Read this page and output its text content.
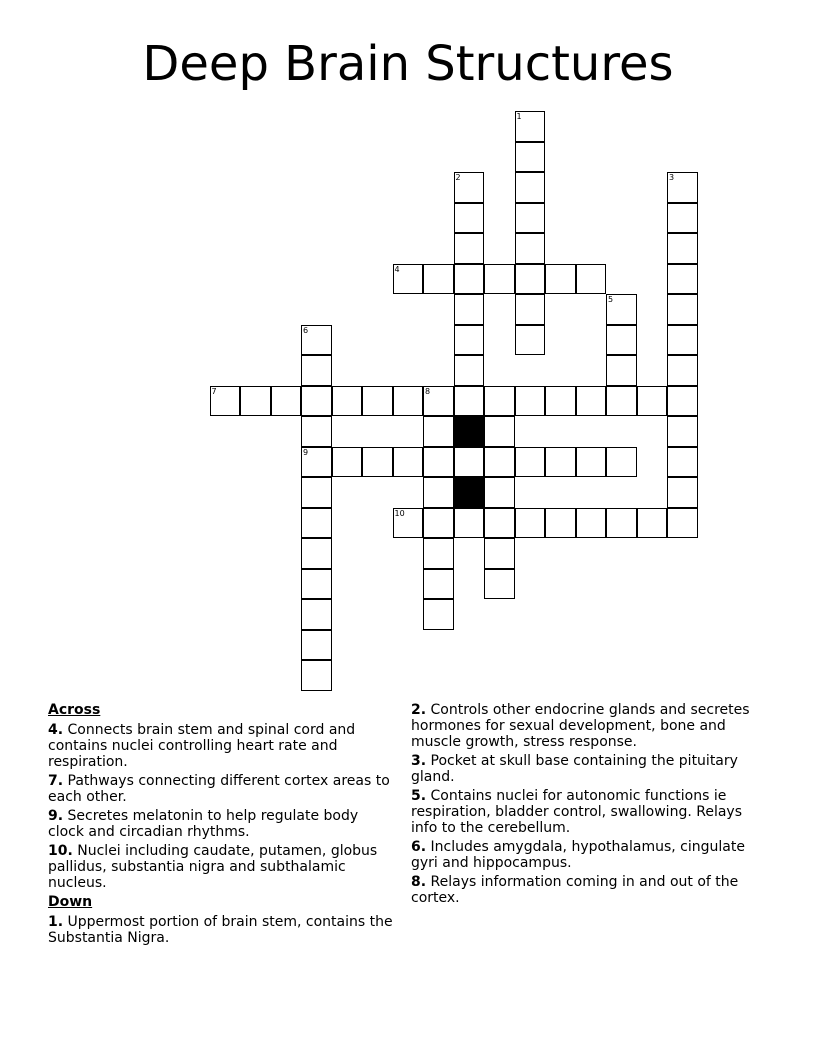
Deep Brain Structures
1
2	3
4
5
6
7	8
9
10
Across
4. Connects brain stem and spinal cord and contains nuclei controlling heart rate and respiration.
7. Pathways connecting different cortex areas to each other.
9. Secretes melatonin to help regulate body clock and circadian rhythms.
10. Nuclei including caudate, putamen, globus pallidus, substantia nigra and subthalamic nucleus.
Down
1. Uppermost portion of brain stem, contains the Substantia Nigra.
2. Controls other endocrine glands and secretes hormones for sexual development, bone and muscle growth, stress response.
3. Pocket at skull base containing the pituitary gland.
5. Contains nuclei for autonomic functions ie respiration, bladder control, swallowing. Relays info to the cerebellum.
6. Includes amygdala, hypothalamus, cingulate gyri and hippocampus.
8. Relays information coming in and out of the cortex.
